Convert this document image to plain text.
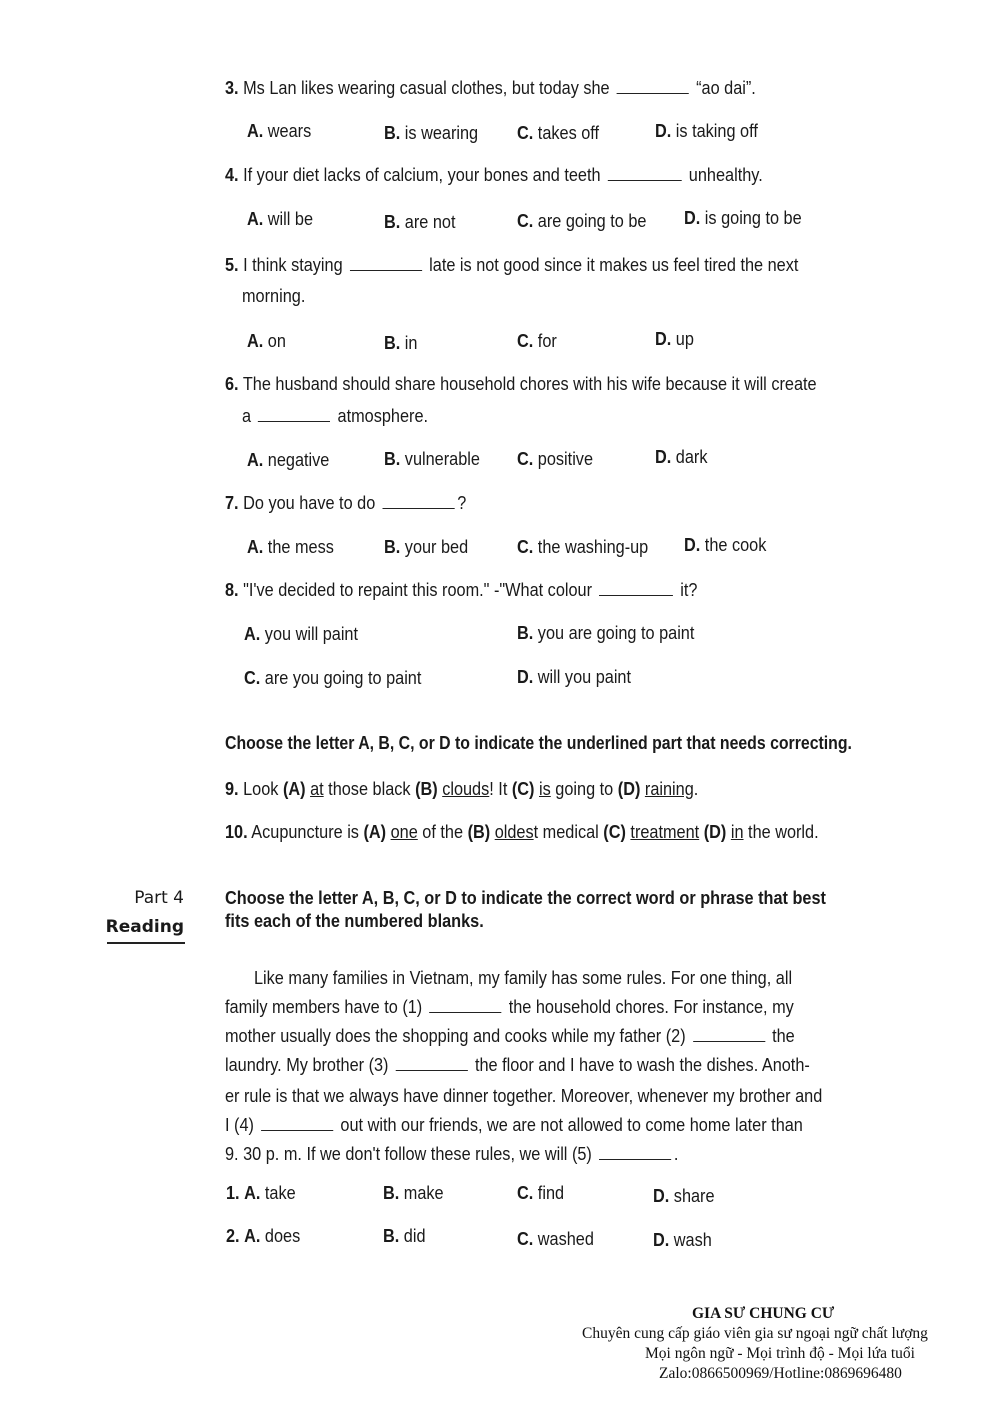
3. Ms Lan likes wearing casual clothes, but today she	“ao dai”.
A. wears	B. is wearing C. takes off	D. is taking off
4. If your diet lacks of calcium, your bones and teeth	unhealthy.
A. will be	B. are not	C. are going to be D. is going to be
5. I think staying	late is not good since it makes us feel tired the next
morning.
A. on	B. in	C. for	D. up
6. The husband should share household chores with his wife because it will create
a	atmosphere.
A. negative	B. vulnerable C. positive	D. dark
7. Do you have to do	?
A. the mess	B. your bed	C. the washing-up D. the cook
8. "I've decided to repaint this room." -"What colour	it?
A. you will paint	B. you are going to paint
C. are you going to paint	D. will you paint
Choose the letter A, B, C, or D to indicate the underlined part that needs correcting.
9. Look (A) at those black (B) clouds! It (C) is going to (D) raining.
10. Acupuncture is (A) one of the (B) oldest medical (C) treatment (D) in the world.
Part 4
Reading
Choose the letter A, B, C, or D to indicate the correct word or phrase that best
fits each of the numbered blanks.
Like many families in Vietnam, my family has some rules. For one thing, all
family members have to (1)	the household chores. For instance, my
mother usually does the shopping and cooks while my father (2)	the
laundry. My brother (3)	the floor and I have to wash the dishes. Anoth-
er rule is that we always have dinner together. Moreover, whenever my brother and
I (4)	out with our friends, we are not allowed to come home later than
9. 30 p. m. If we don't follow these rules, we will (5)	.
1. A. take	B. make	C. find	D. share
2. A. does	B. did	C. washed	D. wash
GIA SƯ CHUNG CƯ
Chuyên cung cấp giáo viên gia sư ngoại ngữ chất lượng
Mọi ngôn ngữ - Mọi trình độ - Mọi lứa tuổi
Zalo:0866500969/Hotline:0869696480
